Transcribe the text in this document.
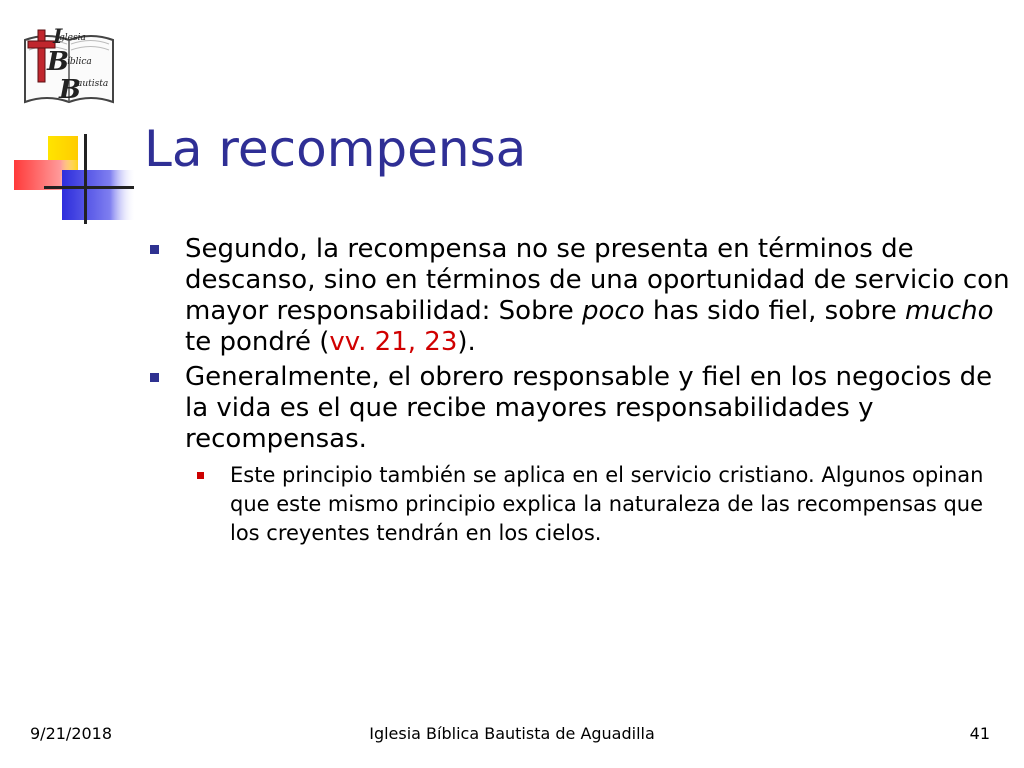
I
glesia
B
íblica
B
autista
La recompensa
Segundo, la recompensa no se presenta en términos de descanso, sino en términos de una oportunidad de servicio con mayor responsabilidad: Sobre poco has sido fiel, sobre mucho te pondré (vv. 21, 23).
Generalmente, el obrero responsable y fiel en los negocios de la vida es el que recibe mayores responsabilidades y recompensas.
Este principio también se aplica en el servicio cristiano. Algunos opinan que este mismo principio explica la naturaleza de las recompensas que los creyentes tendrán en los cielos.
9/21/2018	Iglesia Bíblica Bautista de Aguadilla	41
